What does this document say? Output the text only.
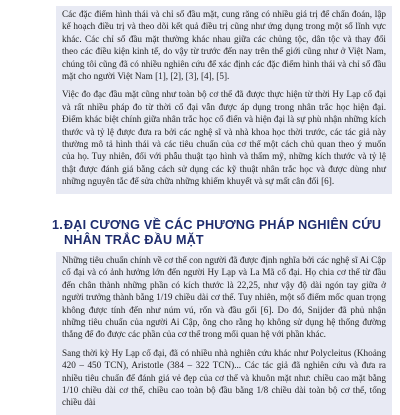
Các đặc điểm hình thái và chỉ số đầu mặt, cung răng có nhiều giá trị để chẩn đoán, lập kế hoạch điều trị và theo dõi kết quả điều trị cũng như ứng dụng trong một số lĩnh vực khác. Các chỉ số đầu mặt thường khác nhau giữa các chủng tộc, dân tộc và thay đổi theo các điều kiện kinh tế, do vậy từ trước đến nay trên thế giới cũng như ở Việt Nam, chúng tôi cũng đã có nhiều nghiên cứu để xác định các đặc điểm hình thái và chỉ số đầu mặt cho người Việt Nam [1], [2], [3], [4], [5].

Việc đo đạc đầu mặt cũng như toàn bộ cơ thể đã được thực hiện từ thời Hy Lạp cổ đại và rất nhiều pháp đo từ thời cổ đại vẫn được áp dụng trong nhân trắc học hiện đại. Điểm khác biệt chính giữa nhân trắc học cổ điển và hiện đại là sự phù nhận những kích thước và tỷ lệ được đưa ra bởi các nghệ sĩ và nhà khoa học thời trước, các tác giả này thường mô tả hình thái và các tiêu chuẩn của cơ thể một cách chủ quan theo ý muốn của họ. Tuy nhiên, đối với phẫu thuật tạo hình và thẩm mỹ, những kích thước và tỷ lệ thật được đánh giá bằng cách sử dụng các kỹ thuật nhân trắc học và được dùng như những nguyên tắc để sửa chữa những khiếm khuyết và sự mất cân đối [6].

1. ĐẠI CƯƠNG VỀ CÁC PHƯƠNG PHÁP NGHIÊN CỨU NHÂN TRẮC ĐẦU MẶT

Những tiêu chuẩn chính về cơ thể con người đã được định nghĩa bởi các nghệ sĩ Ai Cập cổ đại và có ảnh hưởng lớn đến người Hy Lạp và La Mã cổ đại. Họ chia cơ thể từ đầu đến chân thành những phần có kích thước là 22,25, như vậy độ dài ngón tay giữa ở người trưởng thành bằng 1/19 chiều dài cơ thể. Tuy nhiên, một số điểm mốc quan trọng không được tính đến như núm vú, rốn và đầu gối [6]. Do đó, Snijder đã phủ nhận những tiêu chuẩn của người Ai Cập, ông cho rằng họ không sử dụng hệ thống đường thẳng để đo được các phần của cơ thể trong mối quan hệ với phần khác.

Sang thời kỳ Hy Lạp cổ đại, đã có nhiều nhà nghiên cứu khác như Polycleitus (Khoảng 420 – 450 TCN), Aristotle (384 – 322 TCN)... Các tác giả đã nghiên cứu và đưa ra nhiều tiêu chuẩn để đánh giá vẻ đẹp của cơ thể và khuôn mặt như: chiều cao mặt bằng 1/10 chiều dài cơ thể, chiều cao toàn bộ đầu bằng 1/8 chiều dài toàn bộ cơ thể, tổng chiều dài
